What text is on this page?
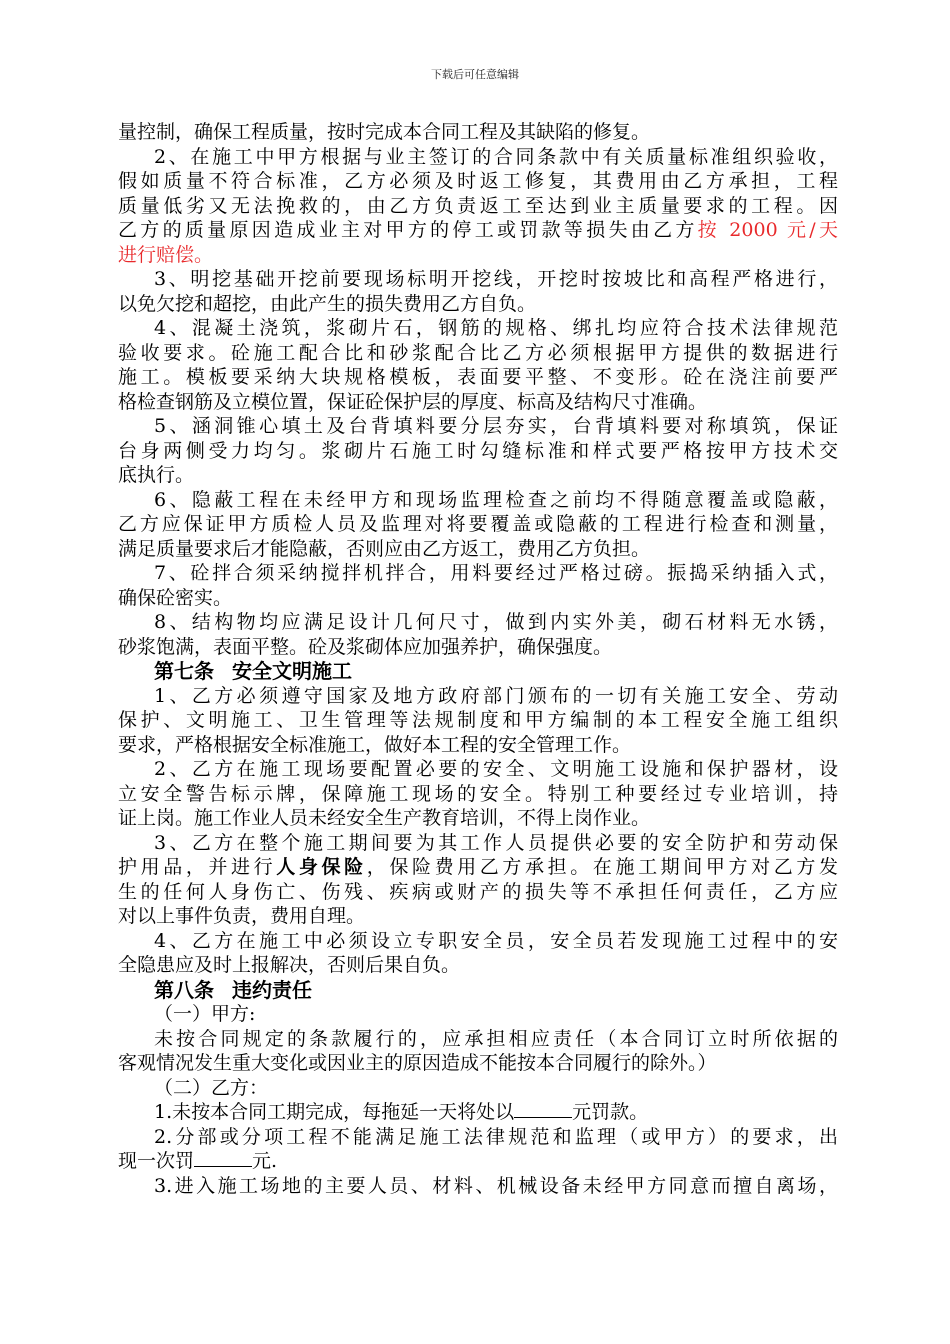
下载后可任意编辑
量控制，确保工程质量，按时完成本合同工程及其缺陷的修复。
2、在施工中甲方根据与业主签订的合同条款中有关质量标准组织验收，
假如质量不符合标准，乙方必须及时返工修复，其费用由乙方承担，工程
质量低劣又无法挽救的，由乙方负责返工至达到业主质量要求的工程。因
乙方的质量原因造成业主对甲方的停工或罚款等损失由乙方按 2000 元/天
进行赔偿。
3、明挖基础开挖前要现场标明开挖线，开挖时按坡比和高程严格进行，
以免欠挖和超挖，由此产生的损失费用乙方自负。
4、混凝土浇筑，浆砌片石，钢筋的规格、绑扎均应符合技术法律规范
验收要求。砼施工配合比和砂浆配合比乙方必须根据甲方提供的数据进行
施工。模板要采纳大块规格模板，表面要平整、不变形。砼在浇注前要严
格检查钢筋及立模位置，保证砼保护层的厚度、标高及结构尺寸准确。
5、涵洞锥心填土及台背填料要分层夯实，台背填料要对称填筑，保证
台身两侧受力均匀。浆砌片石施工时勾缝标准和样式要严格按甲方技术交
底执行。
6、隐蔽工程在未经甲方和现场监理检查之前均不得随意覆盖或隐蔽，
乙方应保证甲方质检人员及监理对将要覆盖或隐蔽的工程进行检查和测量，
满足质量要求后才能隐蔽，否则应由乙方返工，费用乙方负担。
7、砼拌合须采纳搅拌机拌合，用料要经过严格过磅。振捣采纳插入式，
确保砼密实。
8、结构物均应满足设计几何尺寸，做到内实外美，砌石材料无水锈，
砂浆饱满，表面平整。砼及浆砌体应加强养护，确保强度。
第七条 安全文明施工
1、乙方必须遵守国家及地方政府部门颁布的一切有关施工安全、劳动
保护、文明施工、卫生管理等法规制度和甲方编制的本工程安全施工组织
要求，严格根据安全标准施工，做好本工程的安全管理工作。
2、乙方在施工现场要配置必要的安全、文明施工设施和保护器材，设
立安全警告标示牌，保障施工现场的安全。特别工种要经过专业培训，持
证上岗。施工作业人员未经安全生产教育培训，不得上岗作业。
3、乙方在整个施工期间要为其工作人员提供必要的安全防护和劳动保
护用品，并进行人身保险，保险费用乙方承担。在施工期间甲方对乙方发
生的任何人身伤亡、伤残、疾病或财产的损失等不承担任何责任，乙方应
对以上事件负责，费用自理。
4、乙方在施工中必须设立专职安全员，安全员若发现施工过程中的安
全隐患应及时上报解决，否则后果自负。
第八条 违约责任
（一）甲方:
未按合同规定的条款履行的，应承担相应责任（本合同订立时所依据的
客观情况发生重大变化或因业主的原因造成不能按本合同履行的除外。）
（二）乙方：
1.未按本合同工期完成，每拖延一天将处以	元罚款。
2.分部或分项工程不能满足施工法律规范和监理（或甲方）的要求，出
现一次罚	元.
3.进入施工场地的主要人员、材料、机械设备未经甲方同意而擅自离场，
